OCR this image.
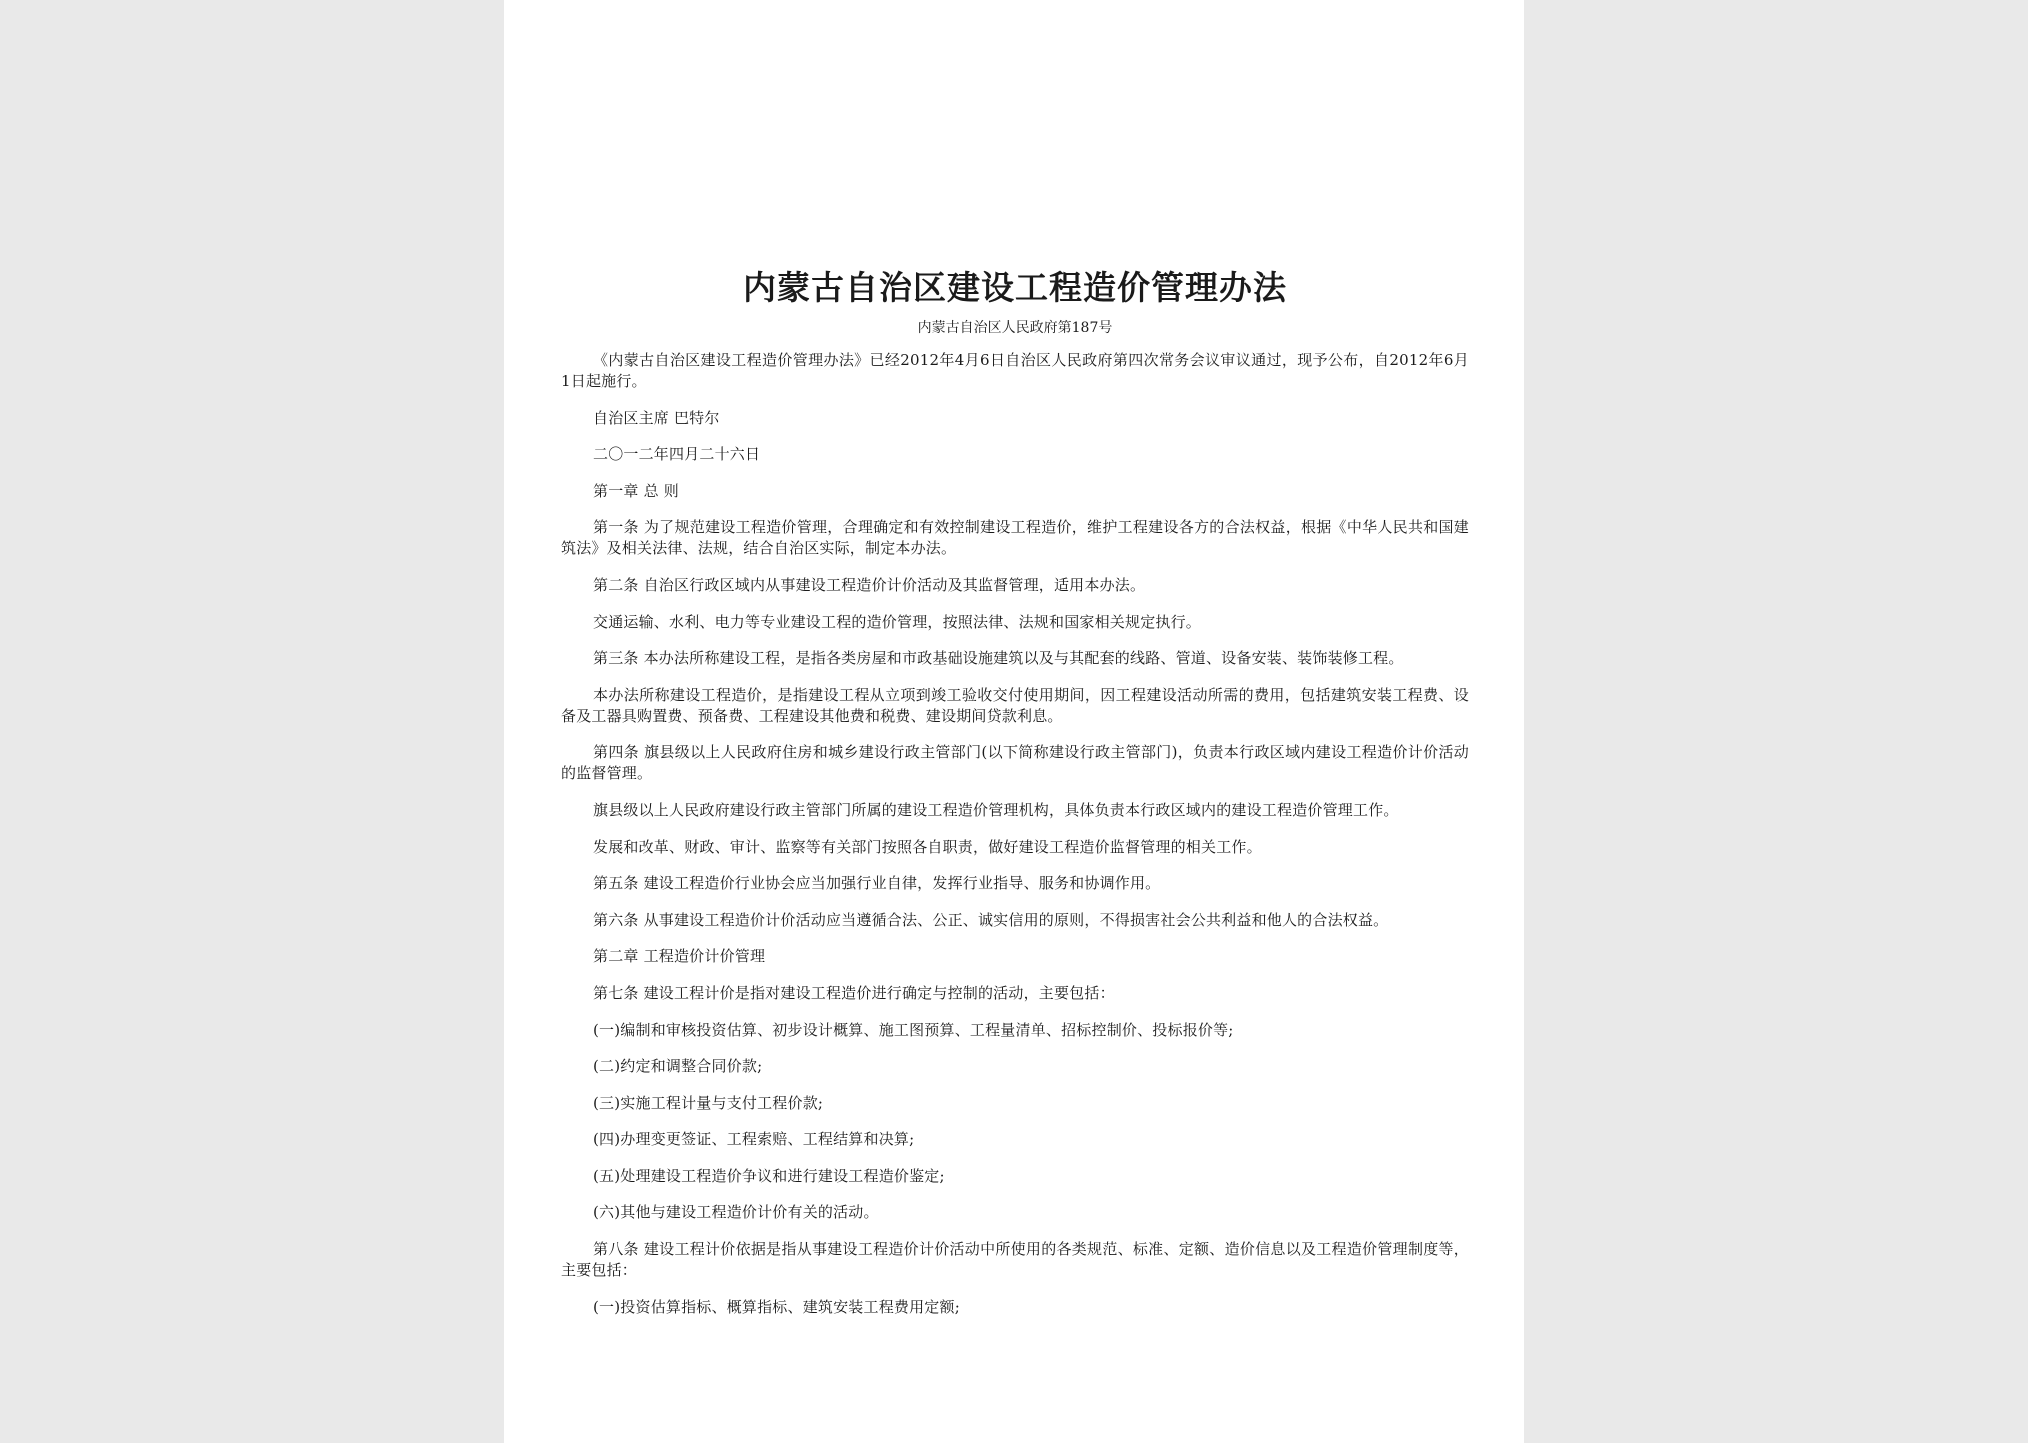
内蒙古自治区建设工程造价管理办法
内蒙古自治区人民政府第187号

《内蒙古自治区建设工程造价管理办法》已经2012年4月6日自治区人民政府第四次常务会议审议通过，现予公布，自2012年6月1日起施行。

自治区主席 巴特尔

二〇一二年四月二十六日

第一章 总 则

第一条 为了规范建设工程造价管理，合理确定和有效控制建设工程造价，维护工程建设各方的合法权益，根据《中华人民共和国建筑法》及相关法律、法规，结合自治区实际，制定本办法。

第二条 自治区行政区域内从事建设工程造价计价活动及其监督管理，适用本办法。

交通运输、水利、电力等专业建设工程的造价管理，按照法律、法规和国家相关规定执行。

第三条 本办法所称建设工程，是指各类房屋和市政基础设施建筑以及与其配套的线路、管道、设备安装、装饰装修工程。

本办法所称建设工程造价，是指建设工程从立项到竣工验收交付使用期间，因工程建设活动所需的费用，包括建筑安装工程费、设备及工器具购置费、预备费、工程建设其他费和税费、建设期间贷款利息。

第四条 旗县级以上人民政府住房和城乡建设行政主管部门(以下简称建设行政主管部门)，负责本行政区域内建设工程造价计价活动的监督管理。

旗县级以上人民政府建设行政主管部门所属的建设工程造价管理机构，具体负责本行政区域内的建设工程造价管理工作。

发展和改革、财政、审计、监察等有关部门按照各自职责，做好建设工程造价监督管理的相关工作。

第五条 建设工程造价行业协会应当加强行业自律，发挥行业指导、服务和协调作用。

第六条 从事建设工程造价计价活动应当遵循合法、公正、诚实信用的原则，不得损害社会公共利益和他人的合法权益。

第二章 工程造价计价管理

第七条 建设工程计价是指对建设工程造价进行确定与控制的活动，主要包括：

(一)编制和审核投资估算、初步设计概算、施工图预算、工程量清单、招标控制价、投标报价等;

(二)约定和调整合同价款;

(三)实施工程计量与支付工程价款;

(四)办理变更签证、工程索赔、工程结算和决算;

(五)处理建设工程造价争议和进行建设工程造价鉴定;

(六)其他与建设工程造价计价有关的活动。

第八条 建设工程计价依据是指从事建设工程造价计价活动中所使用的各类规范、标准、定额、造价信息以及工程造价管理制度等，主要包括：

(一)投资估算指标、概算指标、建筑安装工程费用定额;
